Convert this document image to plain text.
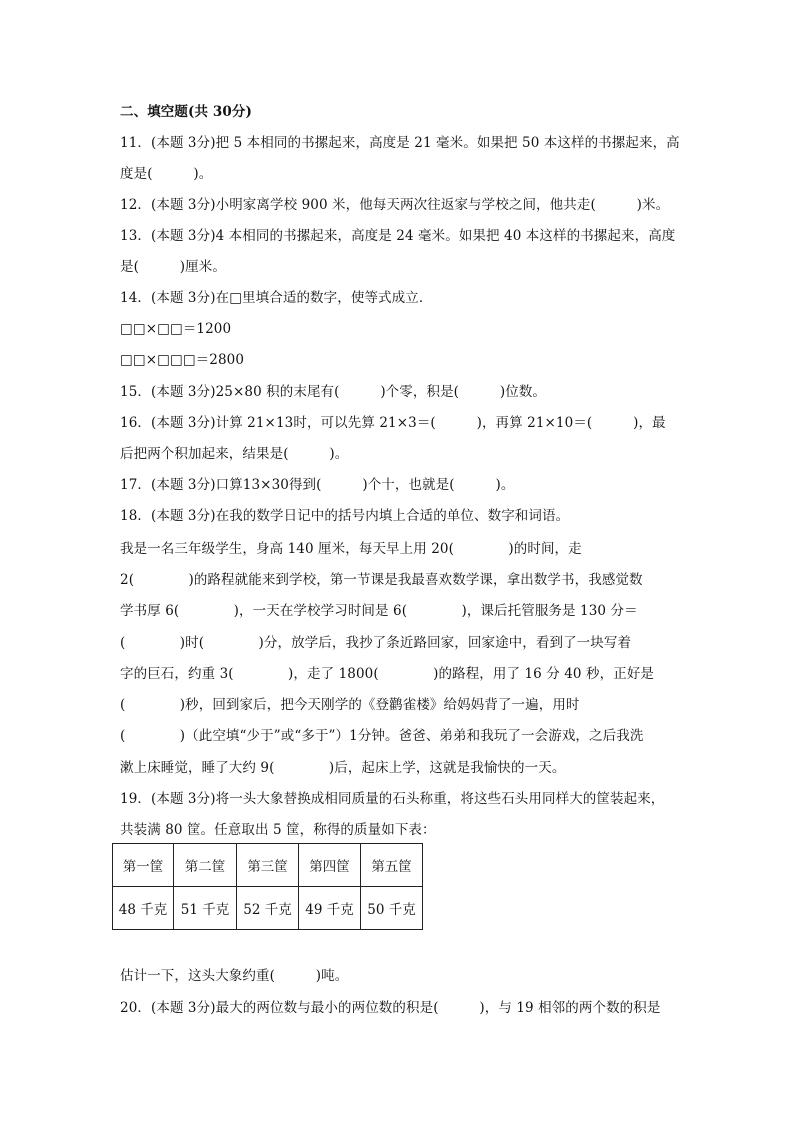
二、填空题(共 30分)
11．(本题 3分)把 5 本相同的书摞起来，高度是 21 毫米。如果把 50 本这样的书摞起来，高
度是(　　　)。
12．(本题 3分)小明家离学校 900 米，他每天两次往返家与学校之间，他共走(　　　)米。
13．(本题 3分)4 本相同的书摞起来，高度是 24 毫米。如果把 40 本这样的书摞起来，高度
是(　　　)厘米。
14．(本题 3分)在□里填合适的数字，使等式成立．
□□×□□＝1200
□□×□□□＝2800
15．(本题 3分)25×80 积的末尾有(　　　)个零，积是(　　　)位数。
16．(本题 3分)计算 21×13时，可以先算 21×3＝(　　　)，再算 21×10＝(　　　)，最
后把两个积加起来，结果是(　　　)。
17．(本题 3分)口算13×30得到(　　　)个十，也就是(　　　)。
18．(本题 3分)在我的数学日记中的括号内填上合适的单位、数字和词语。
我是一名三年级学生，身高 140 厘米，每天早上用 20(　　　　)的时间，走
2(　　　　)的路程就能来到学校，第一节课是我最喜欢数学课，拿出数学书，我感觉数
学书厚 6(　　　　)，一天在学校学习时间是 6(　　　　)，课后托管服务是 130 分＝
(　　　　)时(　　　　)分，放学后，我抄了条近路回家，回家途中，看到了一块写着
字的巨石，约重 3(　　　　)，走了 1800(　　　　)的路程，用了 16 分 40 秒，正好是
(　　　　)秒，回到家后，把今天刚学的《登鹳雀楼》给妈妈背了一遍，用时
(　　　　)（此空填“少于”或“多于”）1分钟。爸爸、弟弟和我玩了一会游戏，之后我洗
漱上床睡觉，睡了大约 9(　　　　)后，起床上学，这就是我愉快的一天。
19．(本题 3分)将一头大象替换成相同质量的石头称重，将这些石头用同样大的筐装起来，
共装满 80 筐。任意取出 5 筐，称得的质量如下表：
第一筐	第二筐	第三筐	第四筐	第五筐
48 千克	51 千克	52 千克	49 千克	50 千克
估计一下，这头大象约重(　　　)吨。
20．(本题 3分)最大的两位数与最小的两位数的积是(　　　)，与 19 相邻的两个数的积是
